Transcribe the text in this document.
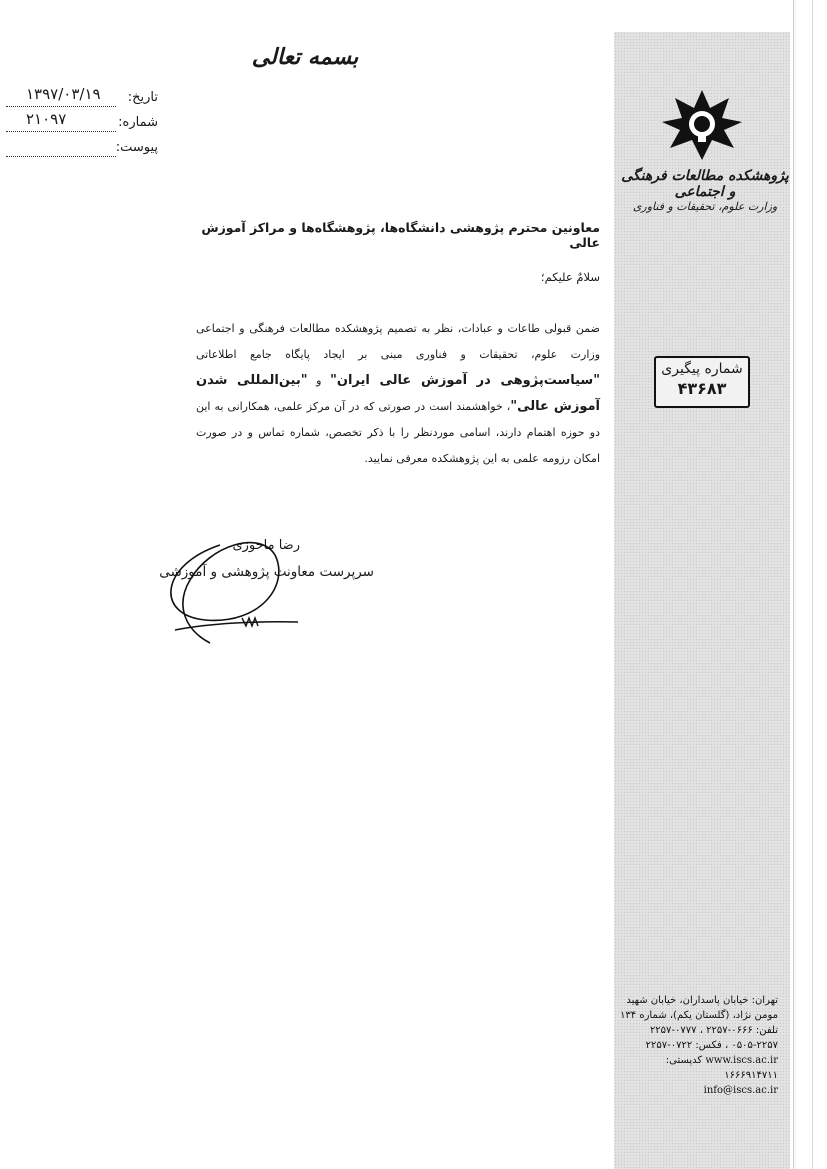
بسمه تعالی
تاریخ:
۱۳۹۷/۰۳/۱۹
شماره:
۲۱۰۹۷
پیوست:
پژوهشکده مطالعات فرهنگی و اجتماعی
وزارت علوم، تحقیقات و فناوری
شماره پیگیری
۴۳۶۸۳
معاونین محترم پژوهشی دانشگاه‌ها، پژوهشگاه‌ها و مراکز آموزش عالی
سلامٌ علیکم؛
ضمن قبولی طاعات و عبادات، نظر به تصمیم پژوهشکده مطالعات فرهنگی و اجتماعی وزارت علوم، تحقیقات و فناوری مبنی بر ایجاد پایگاه جامع اطلاعاتی "سیاست‌پژوهی در آموزش عالی ایران" و "بین‌المللی شدن آموزش عالی"، خواهشمند است در صورتی که در آن مرکز علمی، همکارانی به این دو حوزه اهتمام دارند، اسامی موردنظر را با ذکر تخصص، شماره تماس و در صورت امکان رزومه علمی به این پژوهشکده معرفی نمایید.
رضا ماحوزی
سرپرست معاونت پژوهشی و آموزشی
تهران: خیابان پاسداران، خیابان شهید
مومن نژاد، (گلستان یکم)، شماره ۱۳۴
تلفن: ۰۶۶۶-۲۲۵۷ ، ۰۷۷۷-۲۲۵۷
۰۵۰۵-۲۲۵۷ ، فکس: ۰۷۲۲-۲۲۵۷
www.iscs.ac.ir کدپستی: ۱۶۶۶۹۱۴۷۱۱
info@iscs.ac.ir
